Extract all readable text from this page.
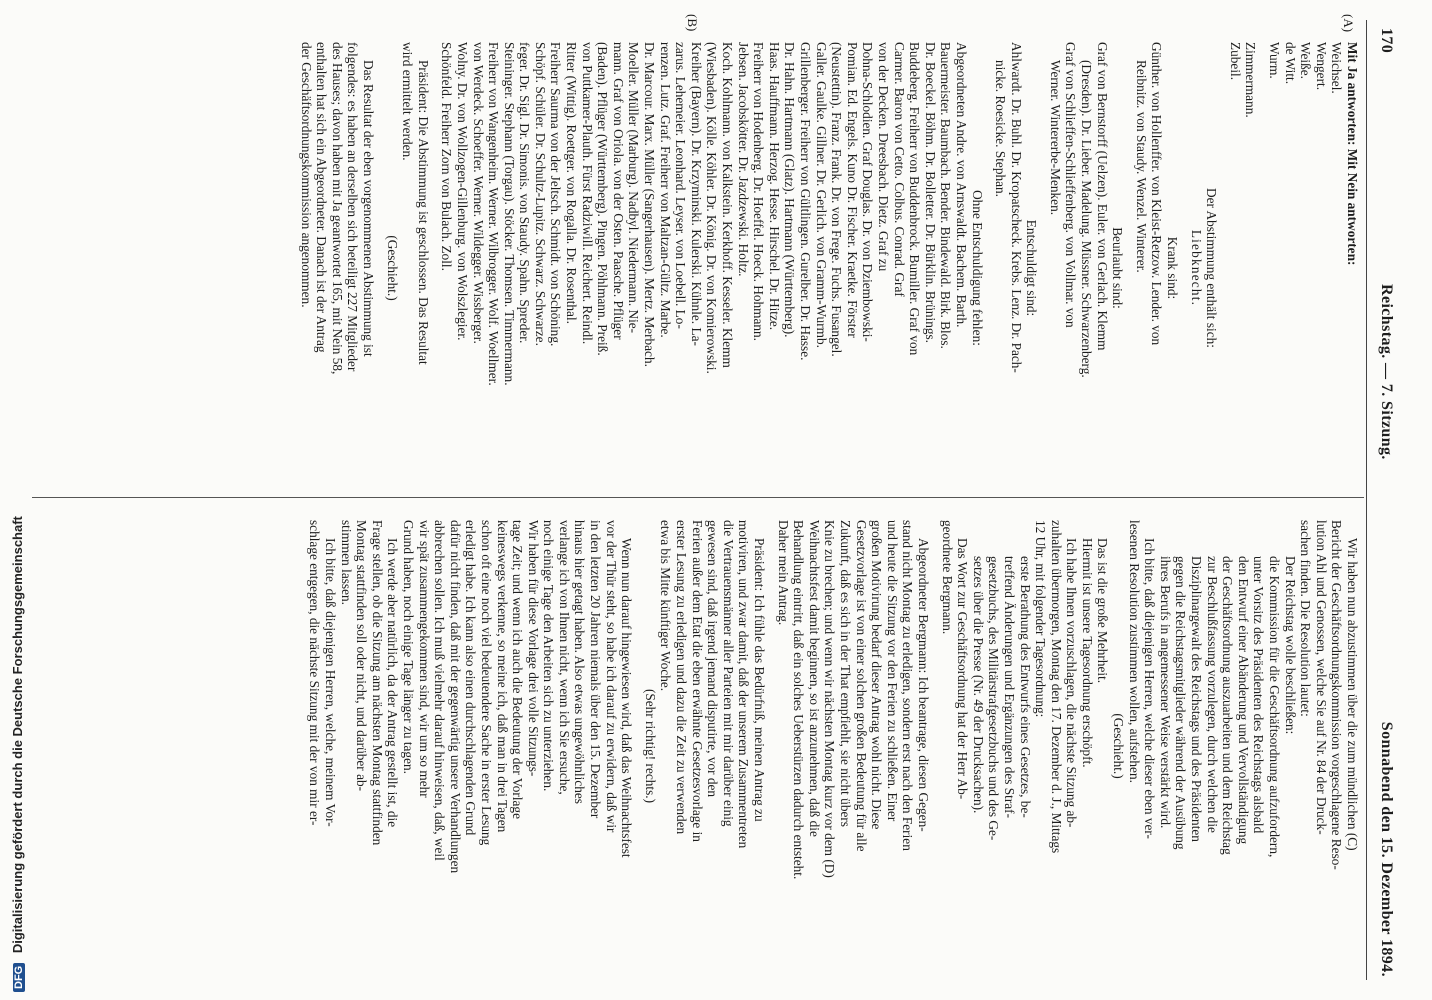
170
Reichstag. — 7. Sitzung.
Sonnabend den 15. Dezember 1894.
(A)
(B)
Mit Ja antworten: Mit Nein antworten:
Weichsel.
Wengert.
Weiße.
de Witt.
Wurm.
Zimmermann.
Zubeil.
Der Abstimmung enthält sich:
Liebknecht.
Krank sind:
Günther. von Hollenffer. von Kleist-Retzow. Lender. von
Reibnitz. von Staudy. Wenzel. Winterer.
Beurlaubt sind:
Graf von Bernstorff (Uelzen). Euler. von Gerlach. Klemm
(Dresden). Dr. Lieber. Madelung. Müssner. Schwarzenberg.
Graf von Schlieffen-Schlieffenberg. von Vollmar. von
Werner. Wintererbe-Menken.
Entschuldigt sind:
Ahlwardt. Dr. Buhl. Dr. Kropatscheck. Krebs. Lenz. Dr. Pach-
nicke. Roesicke. Stephan.
Ohne Entschuldigung fehlen:
Abgeordneten Andre. von Arnswaldt. Bachem. Barth.
Bauermeister. Baumbach. Bender. Bindewald. Birk. Blos.
Dr. Boeckel. Böhm. Dr. Bolletter. Dr. Bürklin. Brünings.
Buddeberg. Freiherr von Buddenbrock. Bumiller. Graf von
Carmer. Baron von Cetto. Colbus. Conrad. Graf
von der Decken. Dreesbach. Dietz. Graf zu
Dohna-Schlodien. Graf Douglas. Dr. von Dziembowski-
Pomian. Ed. Engels. Kuno Dr. Fischer. Kraetke. Förster
(Neustettin). Franz. Frank. Dr. von Frege. Fuchs. Fusangel.
Galler. Gaulke. Gillner. Dr. Gerlich. von Gramm-Wurmb.
Grillenberger. Freiherr von Gültlingen. Gurelber. Dr. Hasse.
Dr. Hahn. Hartmann (Glatz). Hartmann (Württemberg).
Haas. Hauffmann. Herzog. Hesse. Hirschel. Dr. Hitze.
Freiherr von Hodenberg. Dr. Hoeffel. Hoeck. Hohmann.
Jebsen. Jacobskötter. Dr. Jazdzewski. Holtz.
Koch. Kohlmann. von Kalkstein. Kerkhoff. Kesseler. Klemm
(Wiesbaden). Kölle. Köhler. Dr. König. Dr. von Komierowski.
Kreiher (Bayern). Dr. Krzyminski. Kulerski. Kühnle. La-
zarus. Lehemeier. Leonhard. Leyser. von Loebell. Lo-
renzen. Lutz. Graf. Freiherr von Maltzan-Gültz. Marbe.
Dr. Marcour. Marx. Müller (Sangerhausen). Mertz. Merbach.
Moeller. Müller (Marburg). Nadbyl. Niedermann. Nie-
mann. Graf von Oriola. von der Osten. Paasche. Pflüger
(Baden). Pflüger (Württemberg). Pingen. Pöhlmann. Preiß.
von Puttkamer-Plauth. Fürst Radziwill. Reichert. Reindl.
Ritter (Wittig). Roettger. von Rogalla. Dr. Rosenthal.
Freiherr Saurma von der Jeltsch. Schmidt. von Schöning.
Schöpf. Schüler. Dr. Schultz-Lupitz. Schwarz. Schwarze.
feger. Dr. Sigl. Dr. Simonis. von Staudy. Spahn. Spreder.
Steininger. Stephann (Torgau). Stöcker. Thomsen. Timmermann.
Freiherr von Wangenheim. Werner. Wilbrogger. Wolf. Woellmer.
von Werdeck. Schoeffer. Werner. Wildegger. Wissberger.
Wolny. Dr. von Wollzogen-Gillenburg. von Wolszlegier.
Schönfeld. Freiherr Zorn von Bulach. Zoll.
Präsident: Die Abstimmung ist geschlossen. Das Resultat
wird ermittelt werden.
(Geschieht.)
Das Resultat der eben vorgenommenen Abstimmung ist
folgendes: es haben an derselben sich beteiligt 227 Mitglieder
des Hauses; davon haben mit Ja geantwortet 165, mit Nein 58,
enthalten hat sich ein Abgeordneter. Danach ist der Antrag
der Geschäftsordnungskommission angenommen.
Wir haben nun abzustimmen über die zum mündlichen (C)
Bericht der Geschäftsordnungskommission vorgeschlagene Reso-
lution Ahl und Genossen, welche Sie auf Nr. 84 der Druck-
sachen finden. Die Resolution lautet:
Der Reichstag wolle beschließen:
die Kommission für die Geschäftsordnung aufzufordern,
unter Vorsitz des Präsidenten des Reichstags alsbald
den Entwurf einer Abänderung und Vervollständigung
der Geschäftsordnung auszuarbeiten und dem Reichstag
zur Beschlußfassung vorzulegen, durch welchen die
Disziplinargewalt des Reichstags und des Präsidenten
gegen die Reichstagsmitglieder während der Ausübung
ihres Berufs in angemessener Weise verstärkt wird.
Ich bitte, daß diejenigen Herren, welche dieser eben ver-
lesenen Resolution zustimmen wollen, aufstehen.
(Geschieht.)
Das ist die große Mehrheit.
Hiermit ist unsere Tagesordnung erschöpft.
Ich habe Ihnen vorzuschlagen, die nächste Sitzung ab-
zuhalten übermorgen, Montag den 17. Dezember d. J., Mittags
12 Uhr, mit folgender Tagesordnung:
erste Berathung des Entwurfs eines Gesetzes, be-
treffend Änderungen und Ergänzungen des Straf-
gesetzbuchs, des Militärstrafgesetzbuchs und des Ge-
setzes über die Presse (Nr. 49 der Drucksachen).
Das Wort zur Geschäftsordnung hat der Herr Ab-
geordnete Bergmann.
Abgeordneter Bergmann: Ich beantrage, diesen Gegen-
stand nicht Montag zu erledigen, sondern erst nach den Ferien
und heute die Sitzung vor den Ferien zu schließen. Einer
großen Motivirung bedarf dieser Antrag wohl nicht. Diese
Gesetzvorlage ist von einer solchen großen Bedeutung für alle
Zukunft, daß es sich in der That empfiehlt, sie nicht übers
Knie zu brechen; und wenn wir nächsten Montag kurz vor dem (D)
Weihnachtsfest damit beginnen, so ist anzunehmen, daß die
Behandlung eintritt, daß ein solches Ueberstürzen dadurch entsteht.
Daher mein Antrag.
Präsident: Ich fühle das Bedürfniß, meinen Antrag zu
motiviren, und zwar damit, daß der unserem Zusammentreten
die Vertrauensmänner aller Parteien mit mir darüber einig
gewesen sind, daß irgend jemand disputirte, vor den
Ferien außer dem Etat die eben erwähnte Gesetzesvorlage in
erster Lesung zu erledigen und dazu die Zeit zu verwenden
etwa bis Mitte künftiger Woche.
(Sehr richtig! rechts.)
Wenn nun darauf hingewiesen wird, daß das Weihnachtsfest
vor der Thür steht, so habe ich darauf zu erwidern, daß wir
in den letzten 20 Jahren niemals über den 15. Dezember
hinaus hier getagt haben. Also etwas ungewöhnliches
verlange ich von Ihnen nicht, wenn ich Sie ersuche,
noch einige Tage den Arbeiten sich zu unterziehen.
Wir haben für diese Vorlage drei volle Sitzungs-
tage Zeit; und wenn ich auch die Bedeutung der Vorlage
keineswegs verkenne, so meine ich, daß man in drei Tagen
schon oft eine noch viel bedeutendere Sache in erster Lesung
erledigt habe. Ich kann also einen durchschlagenden Grund
dafür nicht finden, daß mit der gegenwärtig unsere Verhandlungen
abbrechen sollen. Ich muß vielmehr darauf hinweisen, daß, weil
wir spät zusammengekommen sind, wir um so mehr
Grund haben, noch einige Tage länger zu tagen.
Ich werde aber natürlich, da der Antrag gestellt ist, die
Frage stellen, ob die Sitzung am nächsten Montag stattfinden
Montag stattfinden soll oder nicht, und darüber ab-
stimmen lassen.
Ich bitte, daß diejenigen Herren, welche, meinem Vor-
schlage entgegen, die nächste Sitzung mit der von mir er-
DFG Digitalisierung gefördert durch die Deutsche Forschungsgemeinschaft
